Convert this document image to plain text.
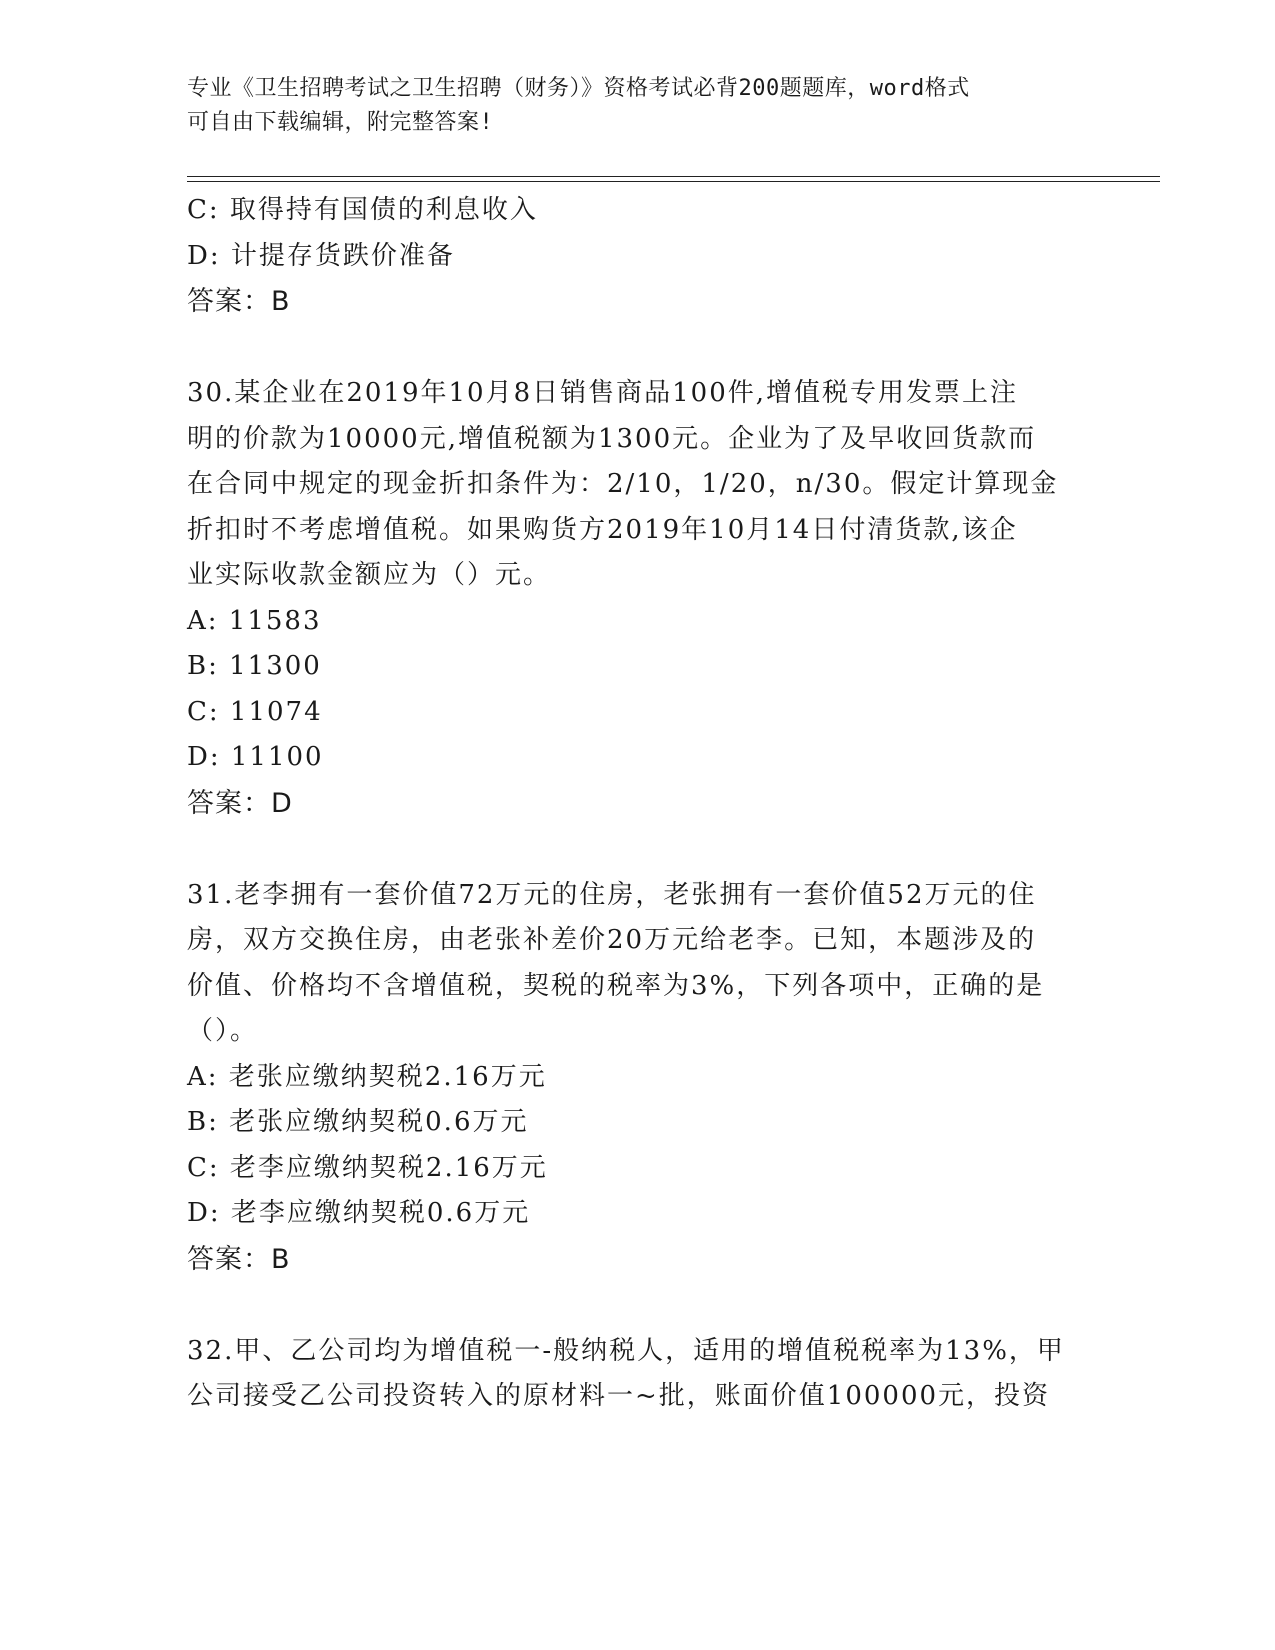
专业《卫生招聘考试之卫生招聘（财务）》资格考试必背200题题库，word格式
可自由下载编辑，附完整答案!
C: 取得持有国债的利息收入
D: 计提存货跌价准备
答案：B
30.某企业在2019年10月8日销售商品100件,增值税专用发票上注
明的价款为10000元,增值税额为1300元。企业为了及早收回货款而
在合同中规定的现金折扣条件为：2/10，1/20，n/30。假定计算现金
折扣时不考虑增值税。如果购货方2019年10月14日付清货款,该企
业实际收款金额应为（）元。
A: 11583
B: 11300
C: 11074
D: 11100
答案：D
31.老李拥有一套价值72万元的住房，老张拥有一套价值52万元的住
房，双方交换住房，由老张补差价20万元给老李。已知，本题涉及的
价值、价格均不含增值税，契税的税率为3%，下列各项中，正确的是
（）。
A: 老张应缴纳契税2.16万元
B: 老张应缴纳契税0.6万元
C: 老李应缴纳契税2.16万元
D: 老李应缴纳契税0.6万元
答案：B
32.甲、乙公司均为增值税一-般纳税人，适用的增值税税率为13%，甲
公司接受乙公司投资转入的原材料一~批，账面价值100000元，投资
